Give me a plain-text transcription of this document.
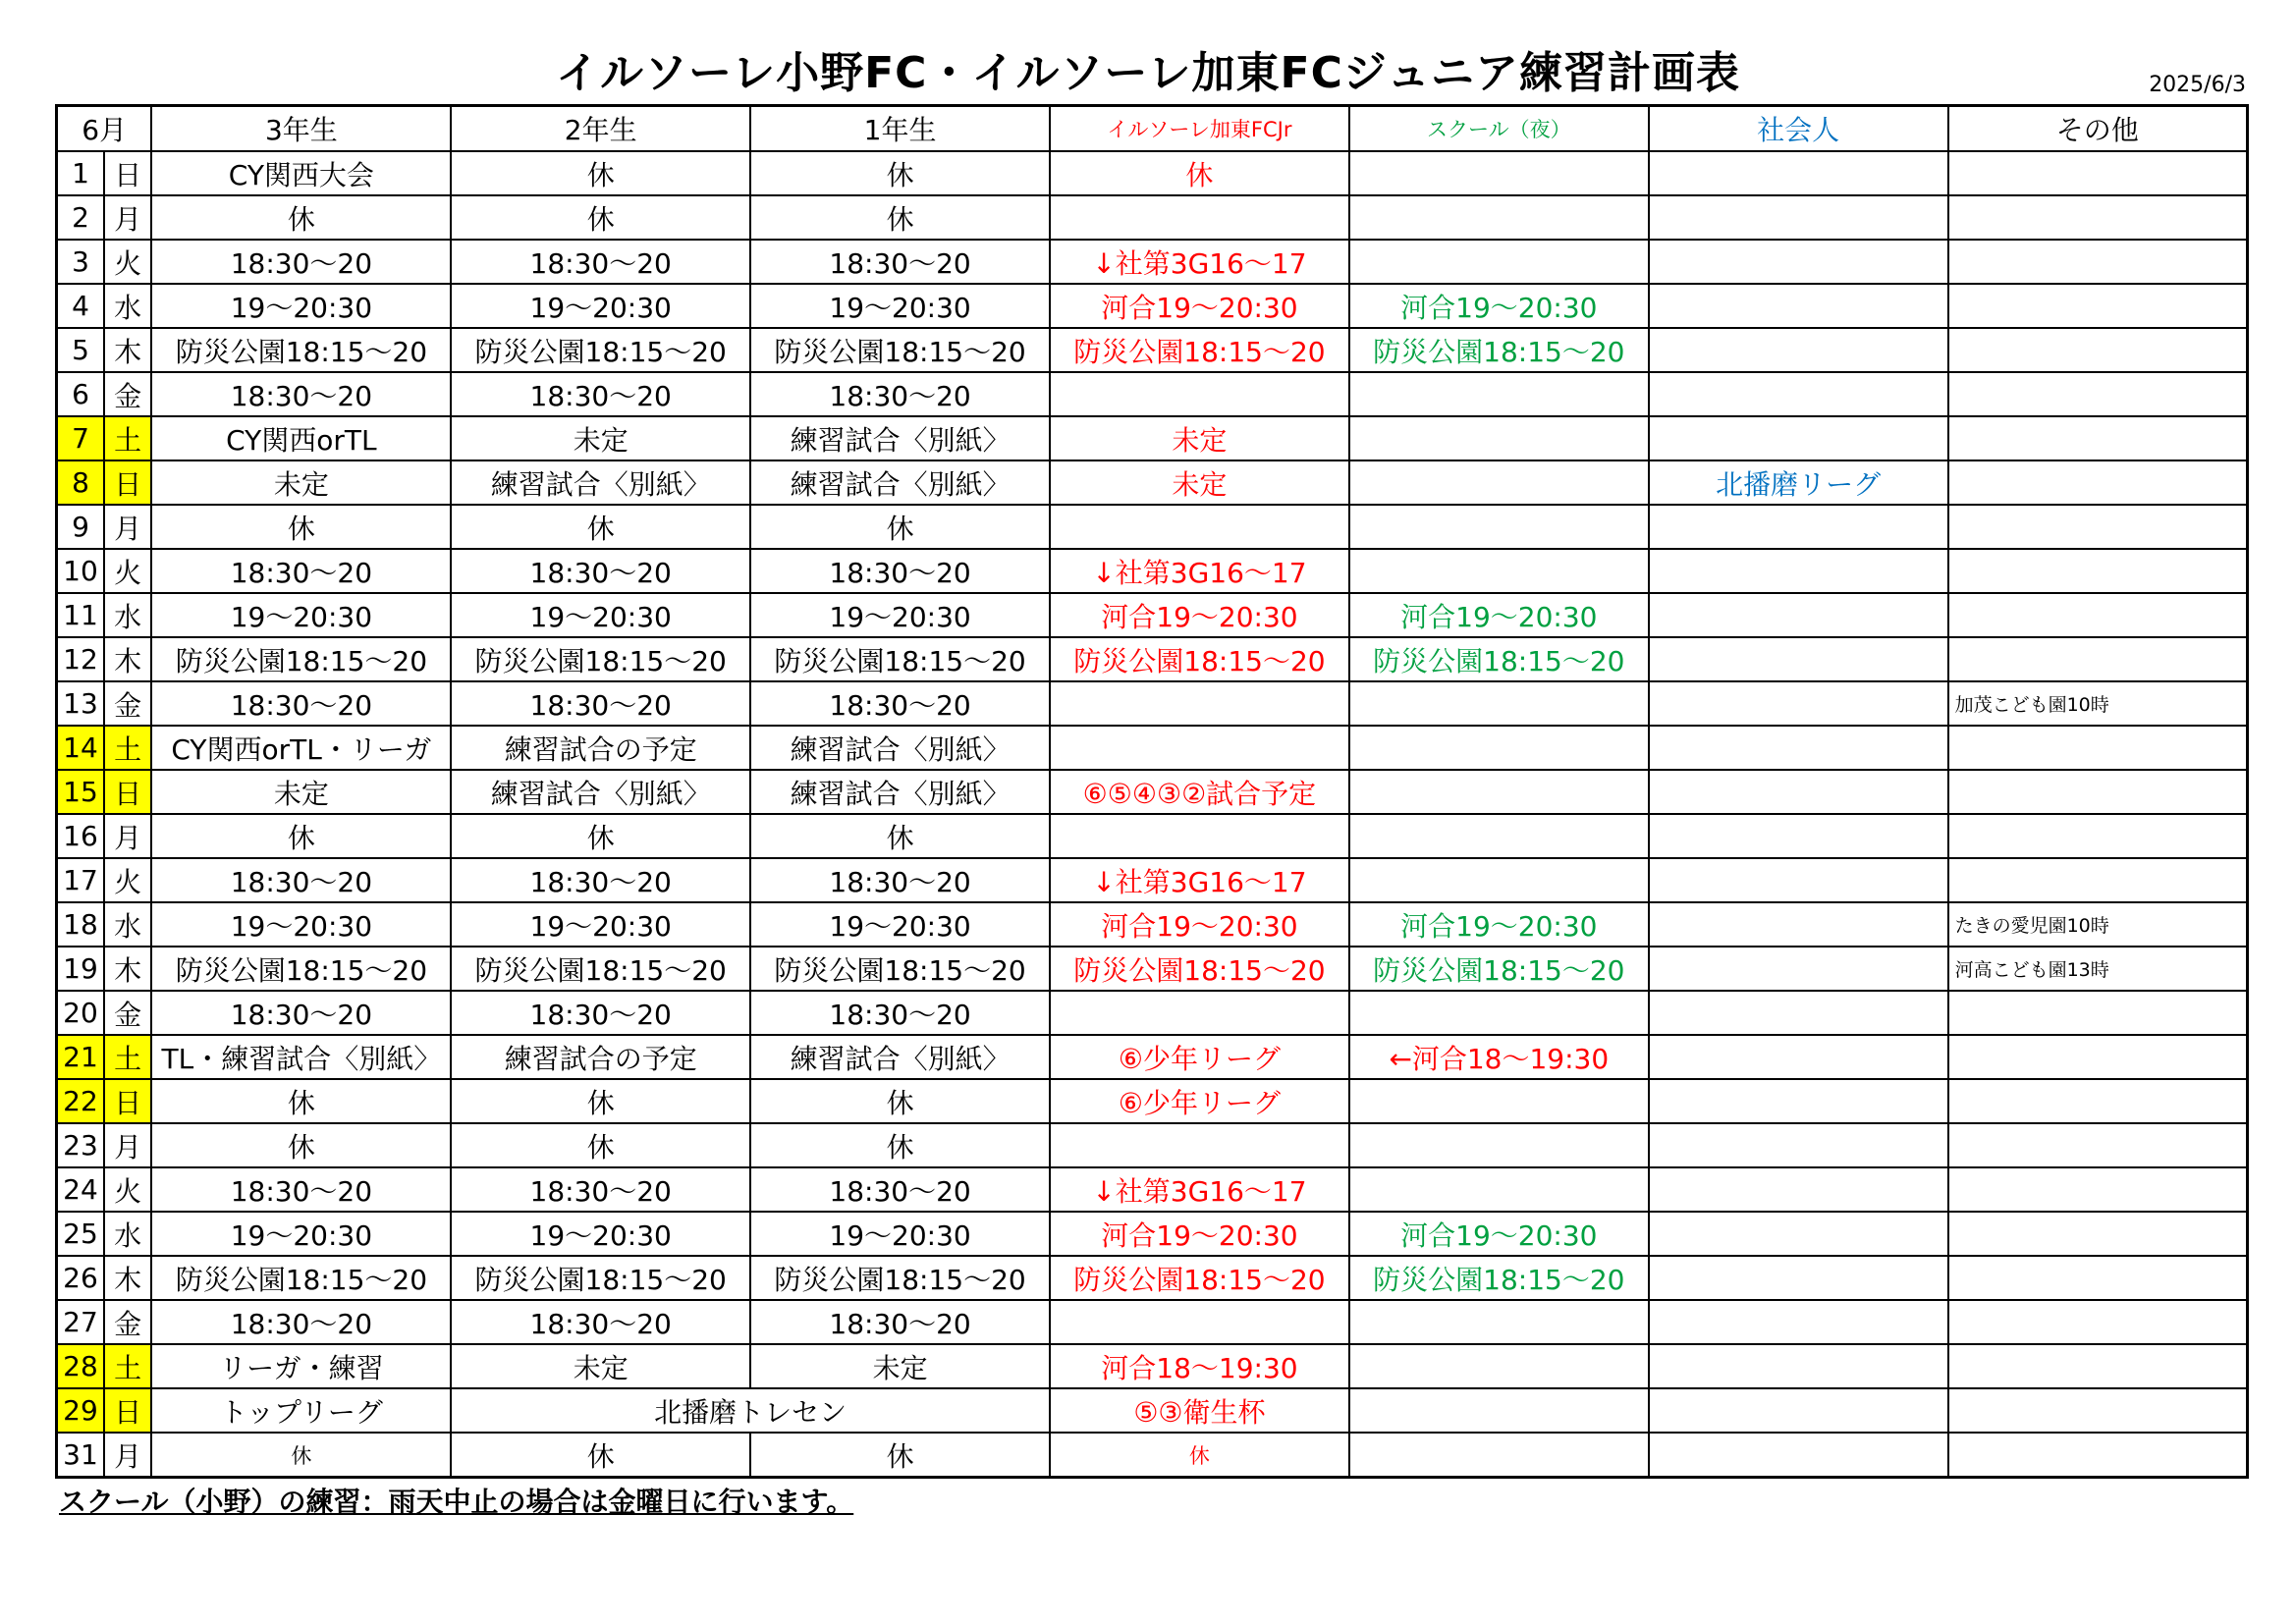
イルソーレ小野FC・イルソーレ加東FCジュニア練習計画表	2025/6/3
6月		3年生	2年生	1年生	イルソーレ加東FCJr	スクール（夜）	社会人	その他
1	日	CY関西大会	休	休	休			
2	月	休	休	休				
3	火	18:30～20	18:30～20	18:30～20	↓社第3G16～17			
4	水	19～20:30	19～20:30	19～20:30	河合19～20:30	河合19～20:30		
5	木	防災公園18:15～20	防災公園18:15～20	防災公園18:15～20	防災公園18:15～20	防災公園18:15～20		
6	金	18:30～20	18:30～20	18:30～20				
7	土	CY関西orTL	未定	練習試合〈別紙〉	未定			
8	日	未定	練習試合〈別紙〉	練習試合〈別紙〉	未定		北播磨リーグ	
9	月	休	休	休				
10	火	18:30～20	18:30～20	18:30～20	↓社第3G16～17			
11	水	19～20:30	19～20:30	19～20:30	河合19～20:30	河合19～20:30		
12	木	防災公園18:15～20	防災公園18:15～20	防災公園18:15～20	防災公園18:15～20	防災公園18:15～20		
13	金	18:30～20	18:30～20	18:30～20				加茂こども園10時
14	土	CY関西orTL・リーガ	練習試合の予定	練習試合〈別紙〉				
15	日	未定	練習試合〈別紙〉	練習試合〈別紙〉	⑥⑤④③②試合予定			
16	月	休	休	休				
17	火	18:30～20	18:30～20	18:30～20	↓社第3G16～17			
18	水	19～20:30	19～20:30	19～20:30	河合19～20:30	河合19～20:30		たきの愛児園10時
19	木	防災公園18:15～20	防災公園18:15～20	防災公園18:15～20	防災公園18:15～20	防災公園18:15～20		河高こども園13時
20	金	18:30～20	18:30～20	18:30～20				
21	土	TL・練習試合〈別紙〉	練習試合の予定	練習試合〈別紙〉	⑥少年リーグ	←河合18～19:30		
22	日	休	休	休	⑥少年リーグ			
23	月	休	休	休				
24	火	18:30～20	18:30～20	18:30～20	↓社第3G16～17			
25	水	19～20:30	19～20:30	19～20:30	河合19～20:30	河合19～20:30		
26	木	防災公園18:15～20	防災公園18:15～20	防災公園18:15～20	防災公園18:15～20	防災公園18:15～20		
27	金	18:30～20	18:30～20	18:30～20				
28	土	リーガ・練習	未定	未定	河合18～19:30			
29	日	トップリーグ	北播磨トレセン		⑤③衛生杯			
31	月	休	休	休	休			
スクール（小野）の練習：雨天中止の場合は金曜日に行います。
